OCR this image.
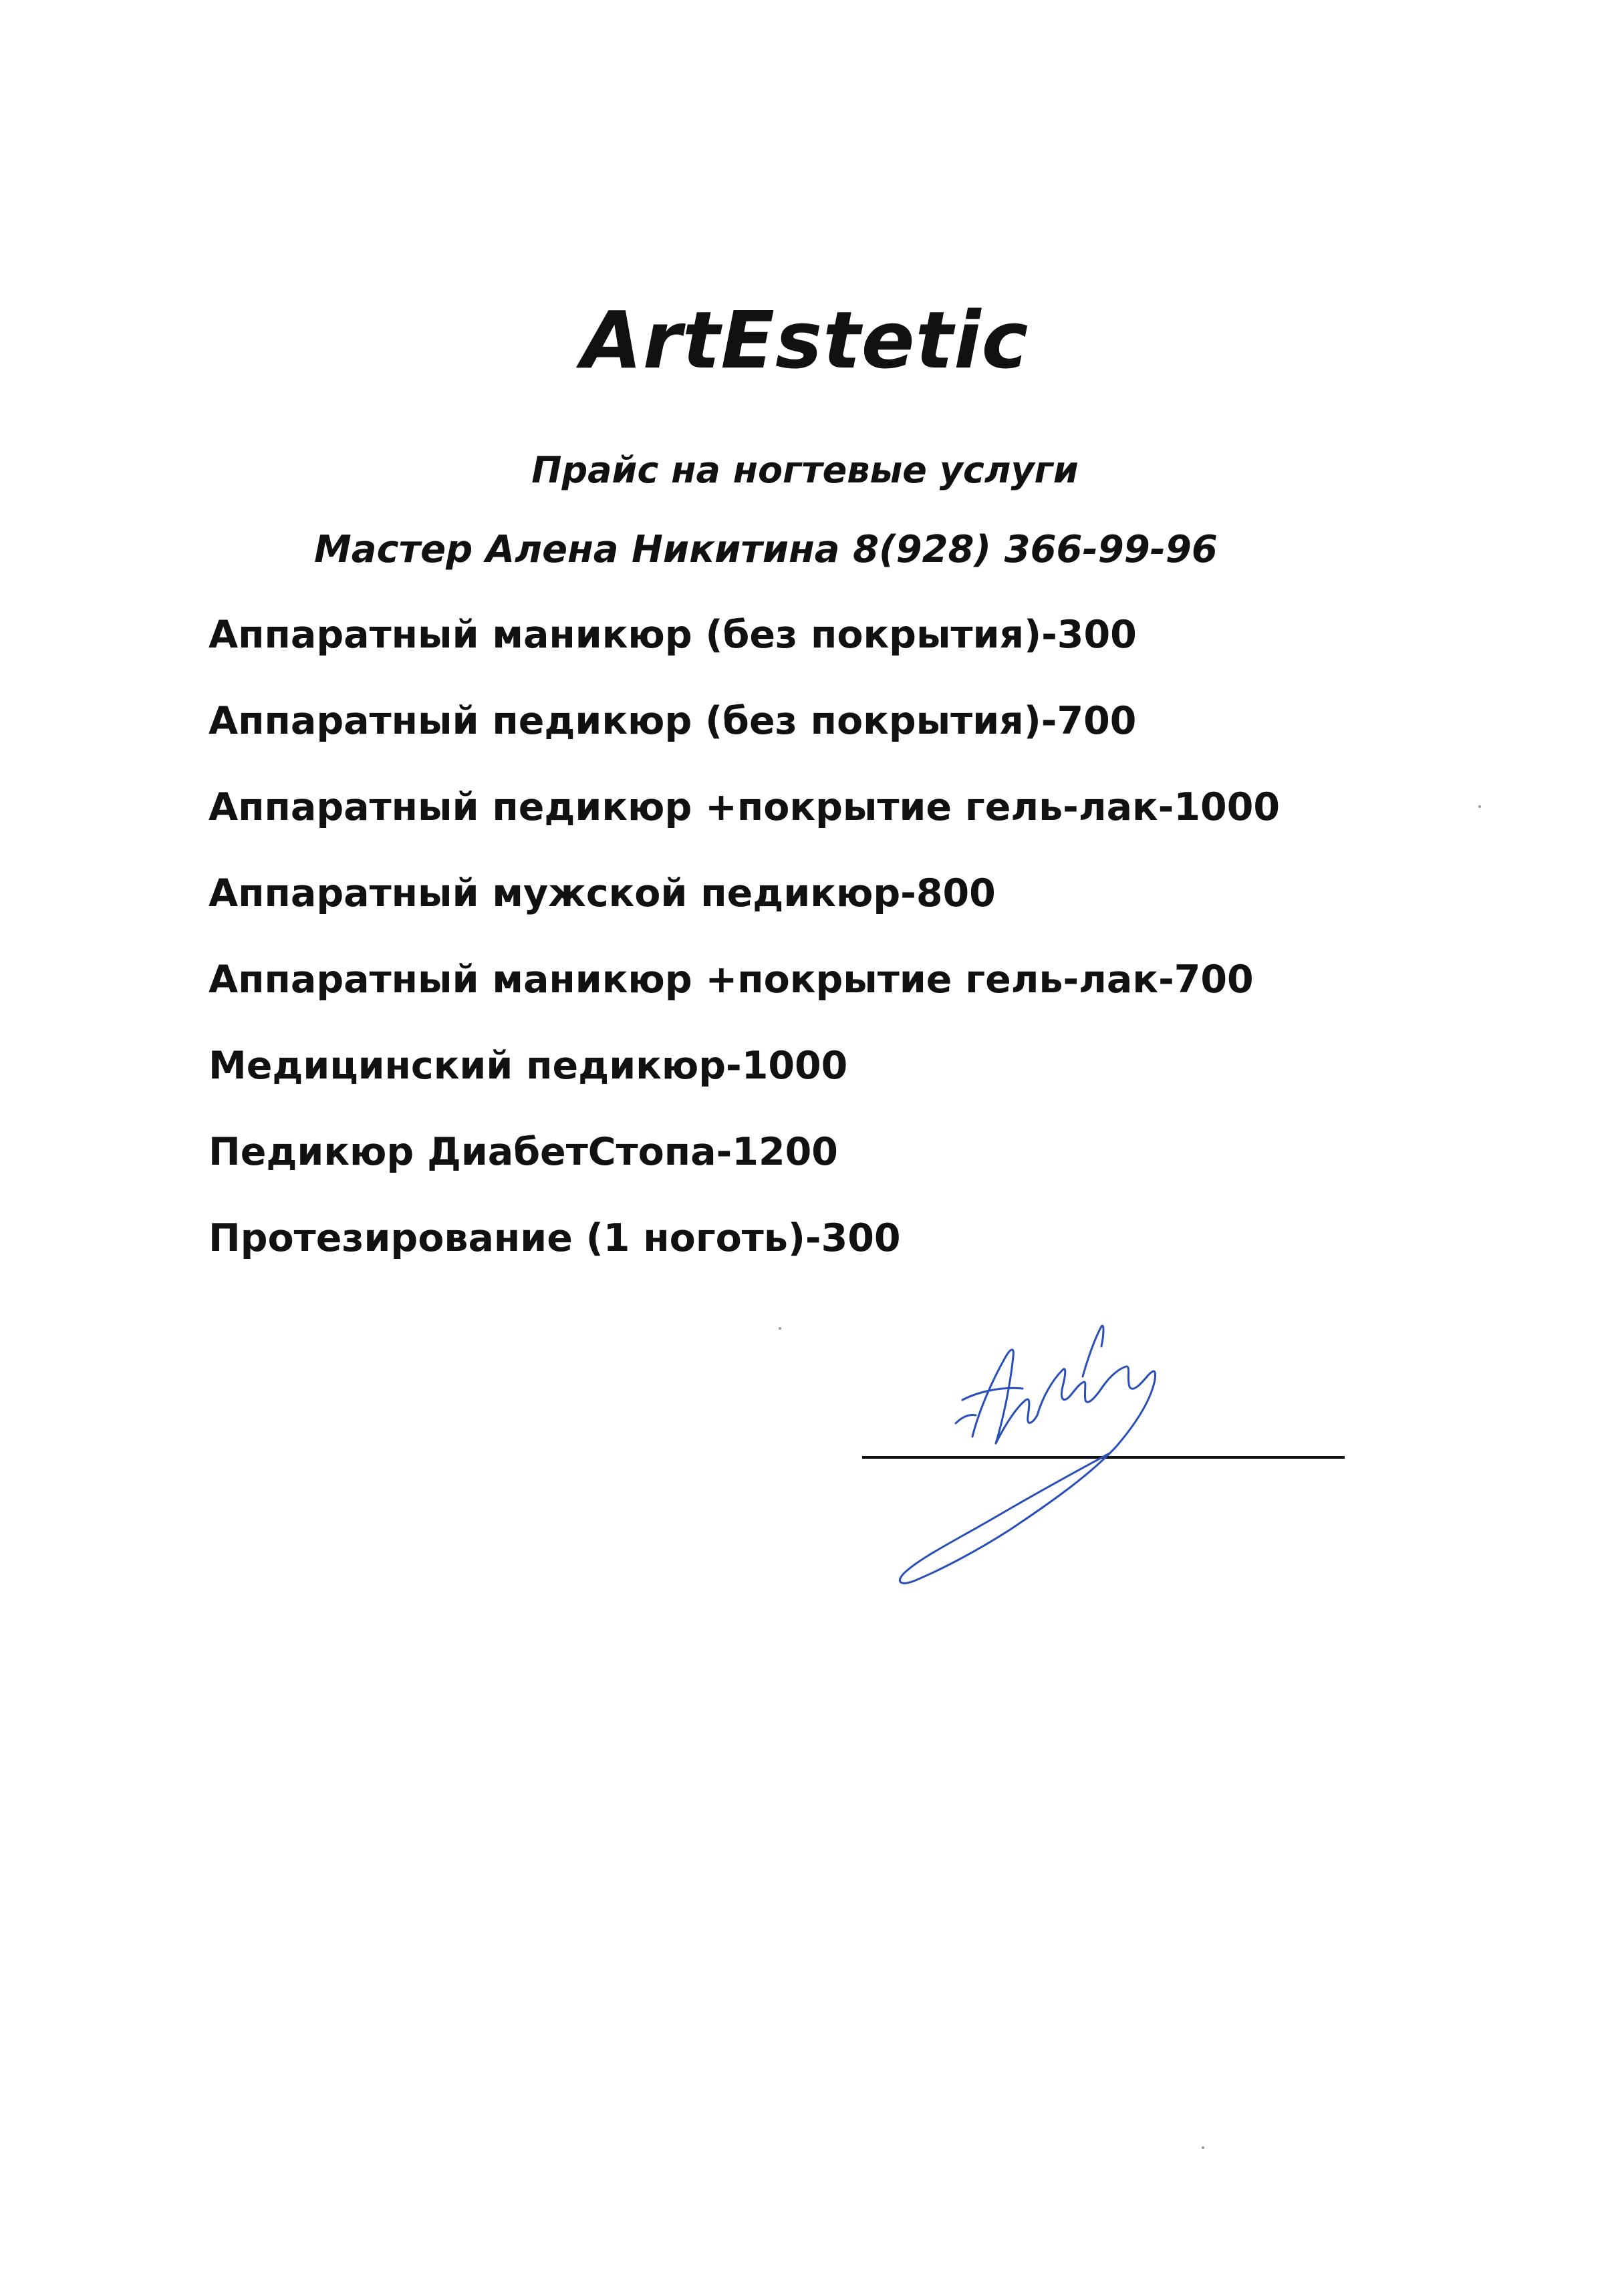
ArtEstetic

Прайс на ногтевые услуги

Мастер Алена Никитина 8(928) 366-99-96

Аппаратный маникюр (без покрытия)-300
Аппаратный педикюр (без покрытия)-700
Аппаратный педикюр +покрытие гель-лак-1000
Аппаратный мужской педикюр-800
Аппаратный маникюр +покрытие гель-лак-700
Медицинский педикюр-1000
Педикюр ДиабетСтопа-1200
Протезирование (1 ноготь)-300
